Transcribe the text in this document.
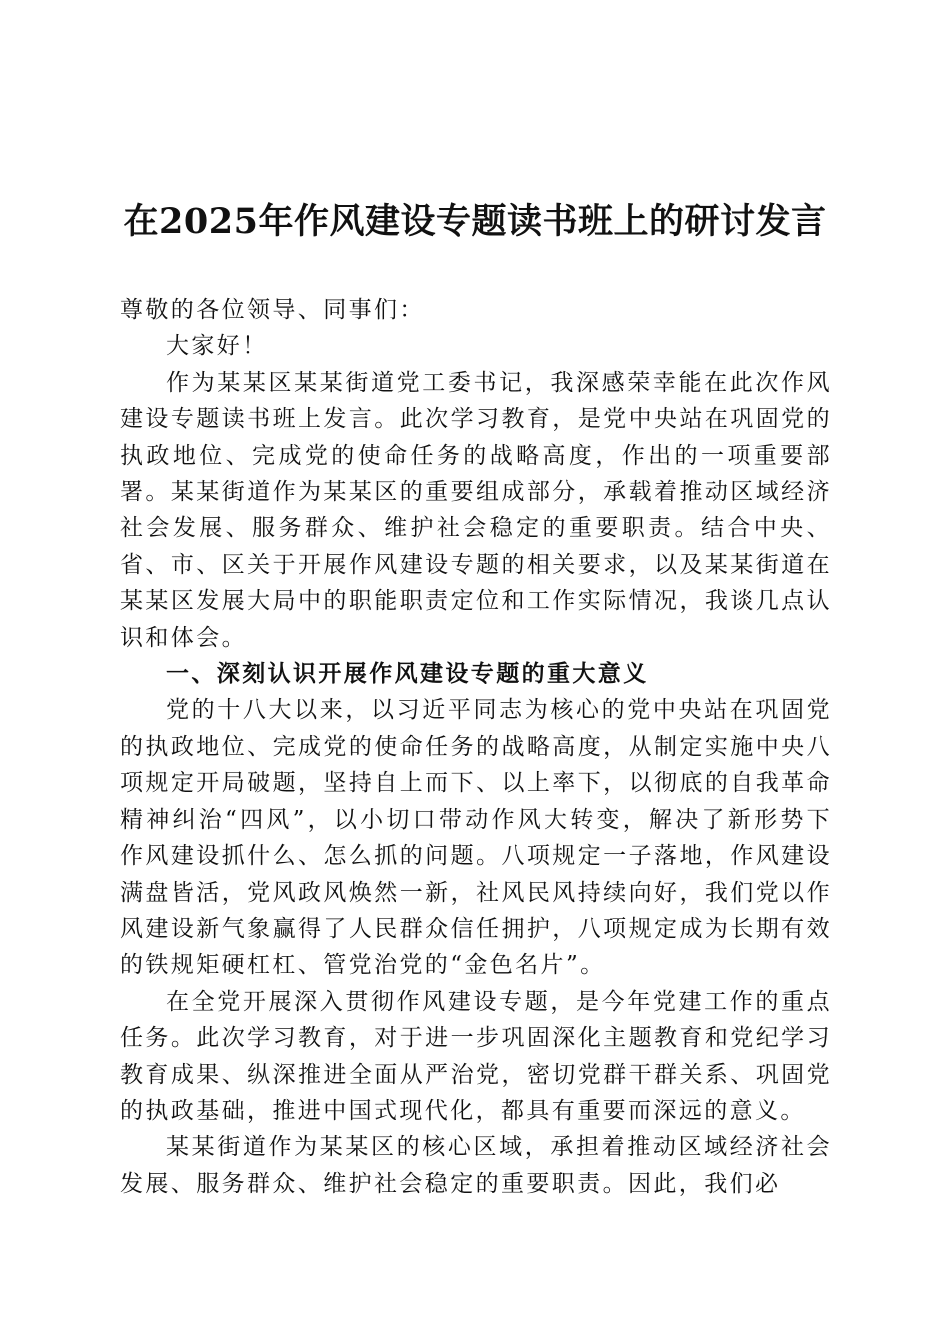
在2025年作风建设专题读书班上的研讨发言

尊敬的各位领导、同事们：

大家好！

作为某某区某某街道党工委书记，我深感荣幸能在此次作风建设专题读书班上发言。此次学习教育，是党中央站在巩固党的执政地位、完成党的使命任务的战略高度，作出的一项重要部署。某某街道作为某某区的重要组成部分，承载着推动区域经济社会发展、服务群众、维护社会稳定的重要职责。结合中央、省、市、区关于开展作风建设专题的相关要求，以及某某街道在某某区发展大局中的职能职责定位和工作实际情况，我谈几点认识和体会。

一、深刻认识开展作风建设专题的重大意义

党的十八大以来，以习近平同志为核心的党中央站在巩固党的执政地位、完成党的使命任务的战略高度，从制定实施中央八项规定开局破题，坚持自上而下、以上率下，以彻底的自我革命精神纠治“四风”，以小切口带动作风大转变，解决了新形势下作风建设抓什么、怎么抓的问题。八项规定一子落地，作风建设满盘皆活，党风政风焕然一新，社风民风持续向好，我们党以作风建设新气象赢得了人民群众信任拥护，八项规定成为长期有效的铁规矩硬杠杠、管党治党的“金色名片”。

在全党开展深入贯彻作风建设专题，是今年党建工作的重点任务。此次学习教育，对于进一步巩固深化主题教育和党纪学习教育成果、纵深推进全面从严治党，密切党群干群关系、巩固党的执政基础，推进中国式现代化，都具有重要而深远的意义。

某某街道作为某某区的核心区域，承担着推动区域经济社会发展、服务群众、维护社会稳定的重要职责。因此，我们必
